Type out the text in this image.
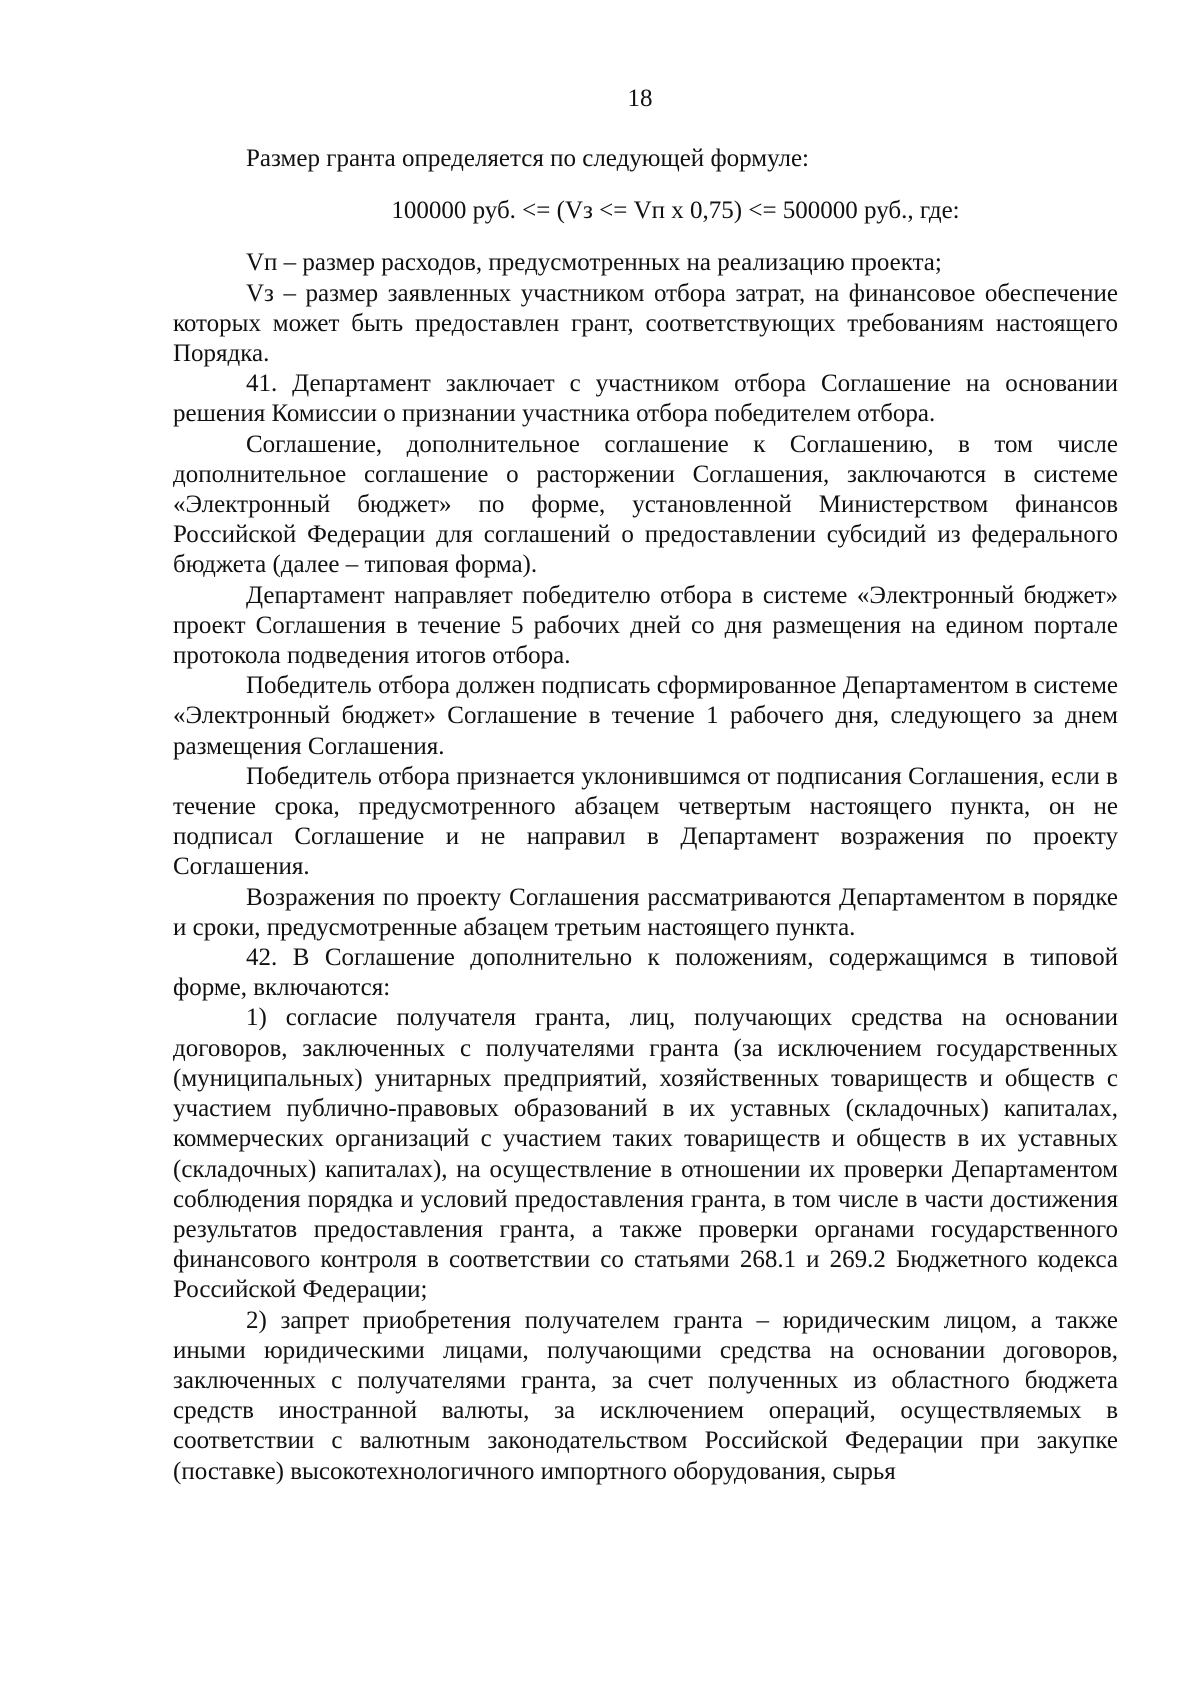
18

Размер гранта определяется по следующей формуле:

100000 руб. <= (Vз <= Vп x 0,75) <= 500000 руб., где:

Vп – размер расходов, предусмотренных на реализацию проекта;

Vз – размер заявленных участником отбора затрат, на финансовое обеспечение которых может быть предоставлен грант, соответствующих требованиям настоящего Порядка.

41. Департамент заключает с участником отбора Соглашение на основании решения Комиссии о признании участника отбора победителем отбора.

Соглашение, дополнительное соглашение к Соглашению, в том числе дополнительное соглашение о расторжении Соглашения, заключаются в системе «Электронный бюджет» по форме, установленной Министерством финансов Российской Федерации для соглашений о предоставлении субсидий из федерального бюджета (далее – типовая форма).

Департамент направляет победителю отбора в системе «Электронный бюджет» проект Соглашения в течение 5 рабочих дней со дня размещения на едином портале протокола подведения итогов отбора.

Победитель отбора должен подписать сформированное Департаментом в системе «Электронный бюджет» Соглашение в течение 1 рабочего дня, следующего за днем размещения Соглашения.

Победитель отбора признается уклонившимся от подписания Соглашения, если в течение срока, предусмотренного абзацем четвертым настоящего пункта, он не подписал Соглашение и не направил в Департамент возражения по проекту Соглашения.

Возражения по проекту Соглашения рассматриваются Департаментом в порядке и сроки, предусмотренные абзацем третьим настоящего пункта.

42. В Соглашение дополнительно к положениям, содержащимся в типовой форме, включаются:

1) согласие получателя гранта, лиц, получающих средства на основании договоров, заключенных с получателями гранта (за исключением государственных (муниципальных) унитарных предприятий, хозяйственных товариществ и обществ с участием публично-правовых образований в их уставных (складочных) капиталах, коммерческих организаций с участием таких товариществ и обществ в их уставных (складочных) капиталах), на осуществление в отношении их проверки Департаментом соблюдения порядка и условий предоставления гранта, в том числе в части достижения результатов предоставления гранта, а также проверки органами государственного финансового контроля в соответствии со статьями 268.1 и 269.2 Бюджетного кодекса Российской Федерации;

2) запрет приобретения получателем гранта – юридическим лицом, а также иными юридическими лицами, получающими средства на основании договоров, заключенных с получателями гранта, за счет полученных из областного бюджета средств иностранной валюты, за исключением операций, осуществляемых в соответствии с валютным законодательством Российской Федерации при закупке (поставке) высокотехнологичного импортного оборудования, сырья
